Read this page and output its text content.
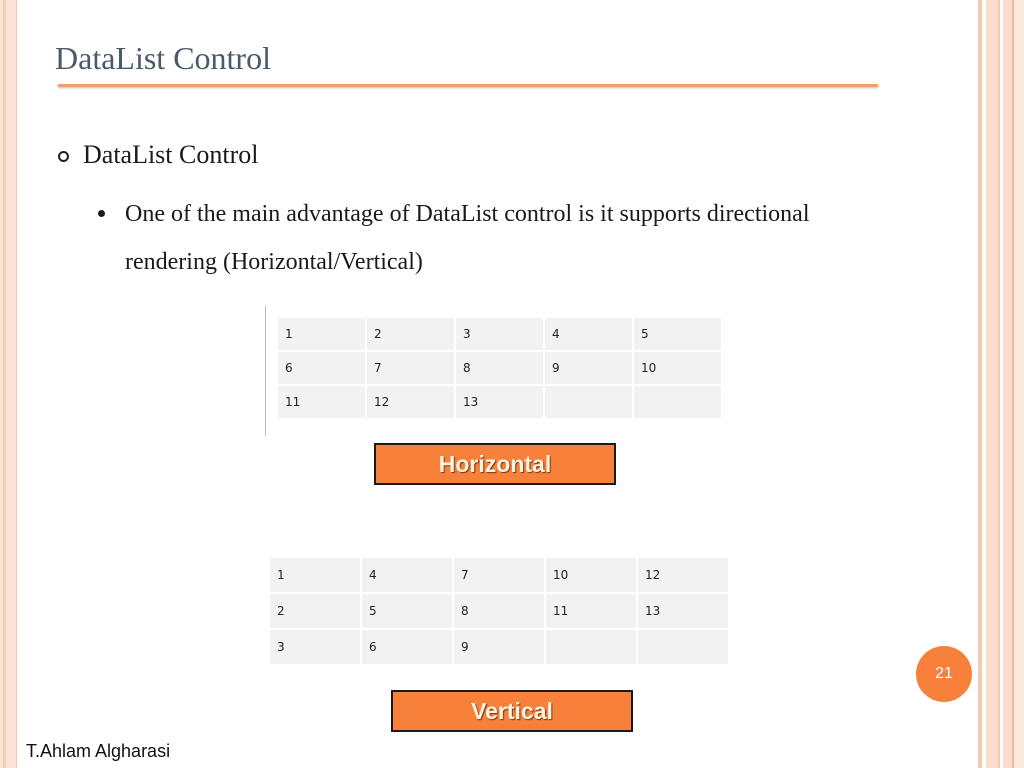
DataList Control
DataList Control
One of the main advantage of DataList control is it supports directional rendering (Horizontal/Vertical)
1	2	3	4	5
6	7	8	9	10
11	12	13		
Horizontal
1	4	7	10	12
2	5	8	11	13
3	6	9		
Vertical
21
T.Ahlam Algharasi
